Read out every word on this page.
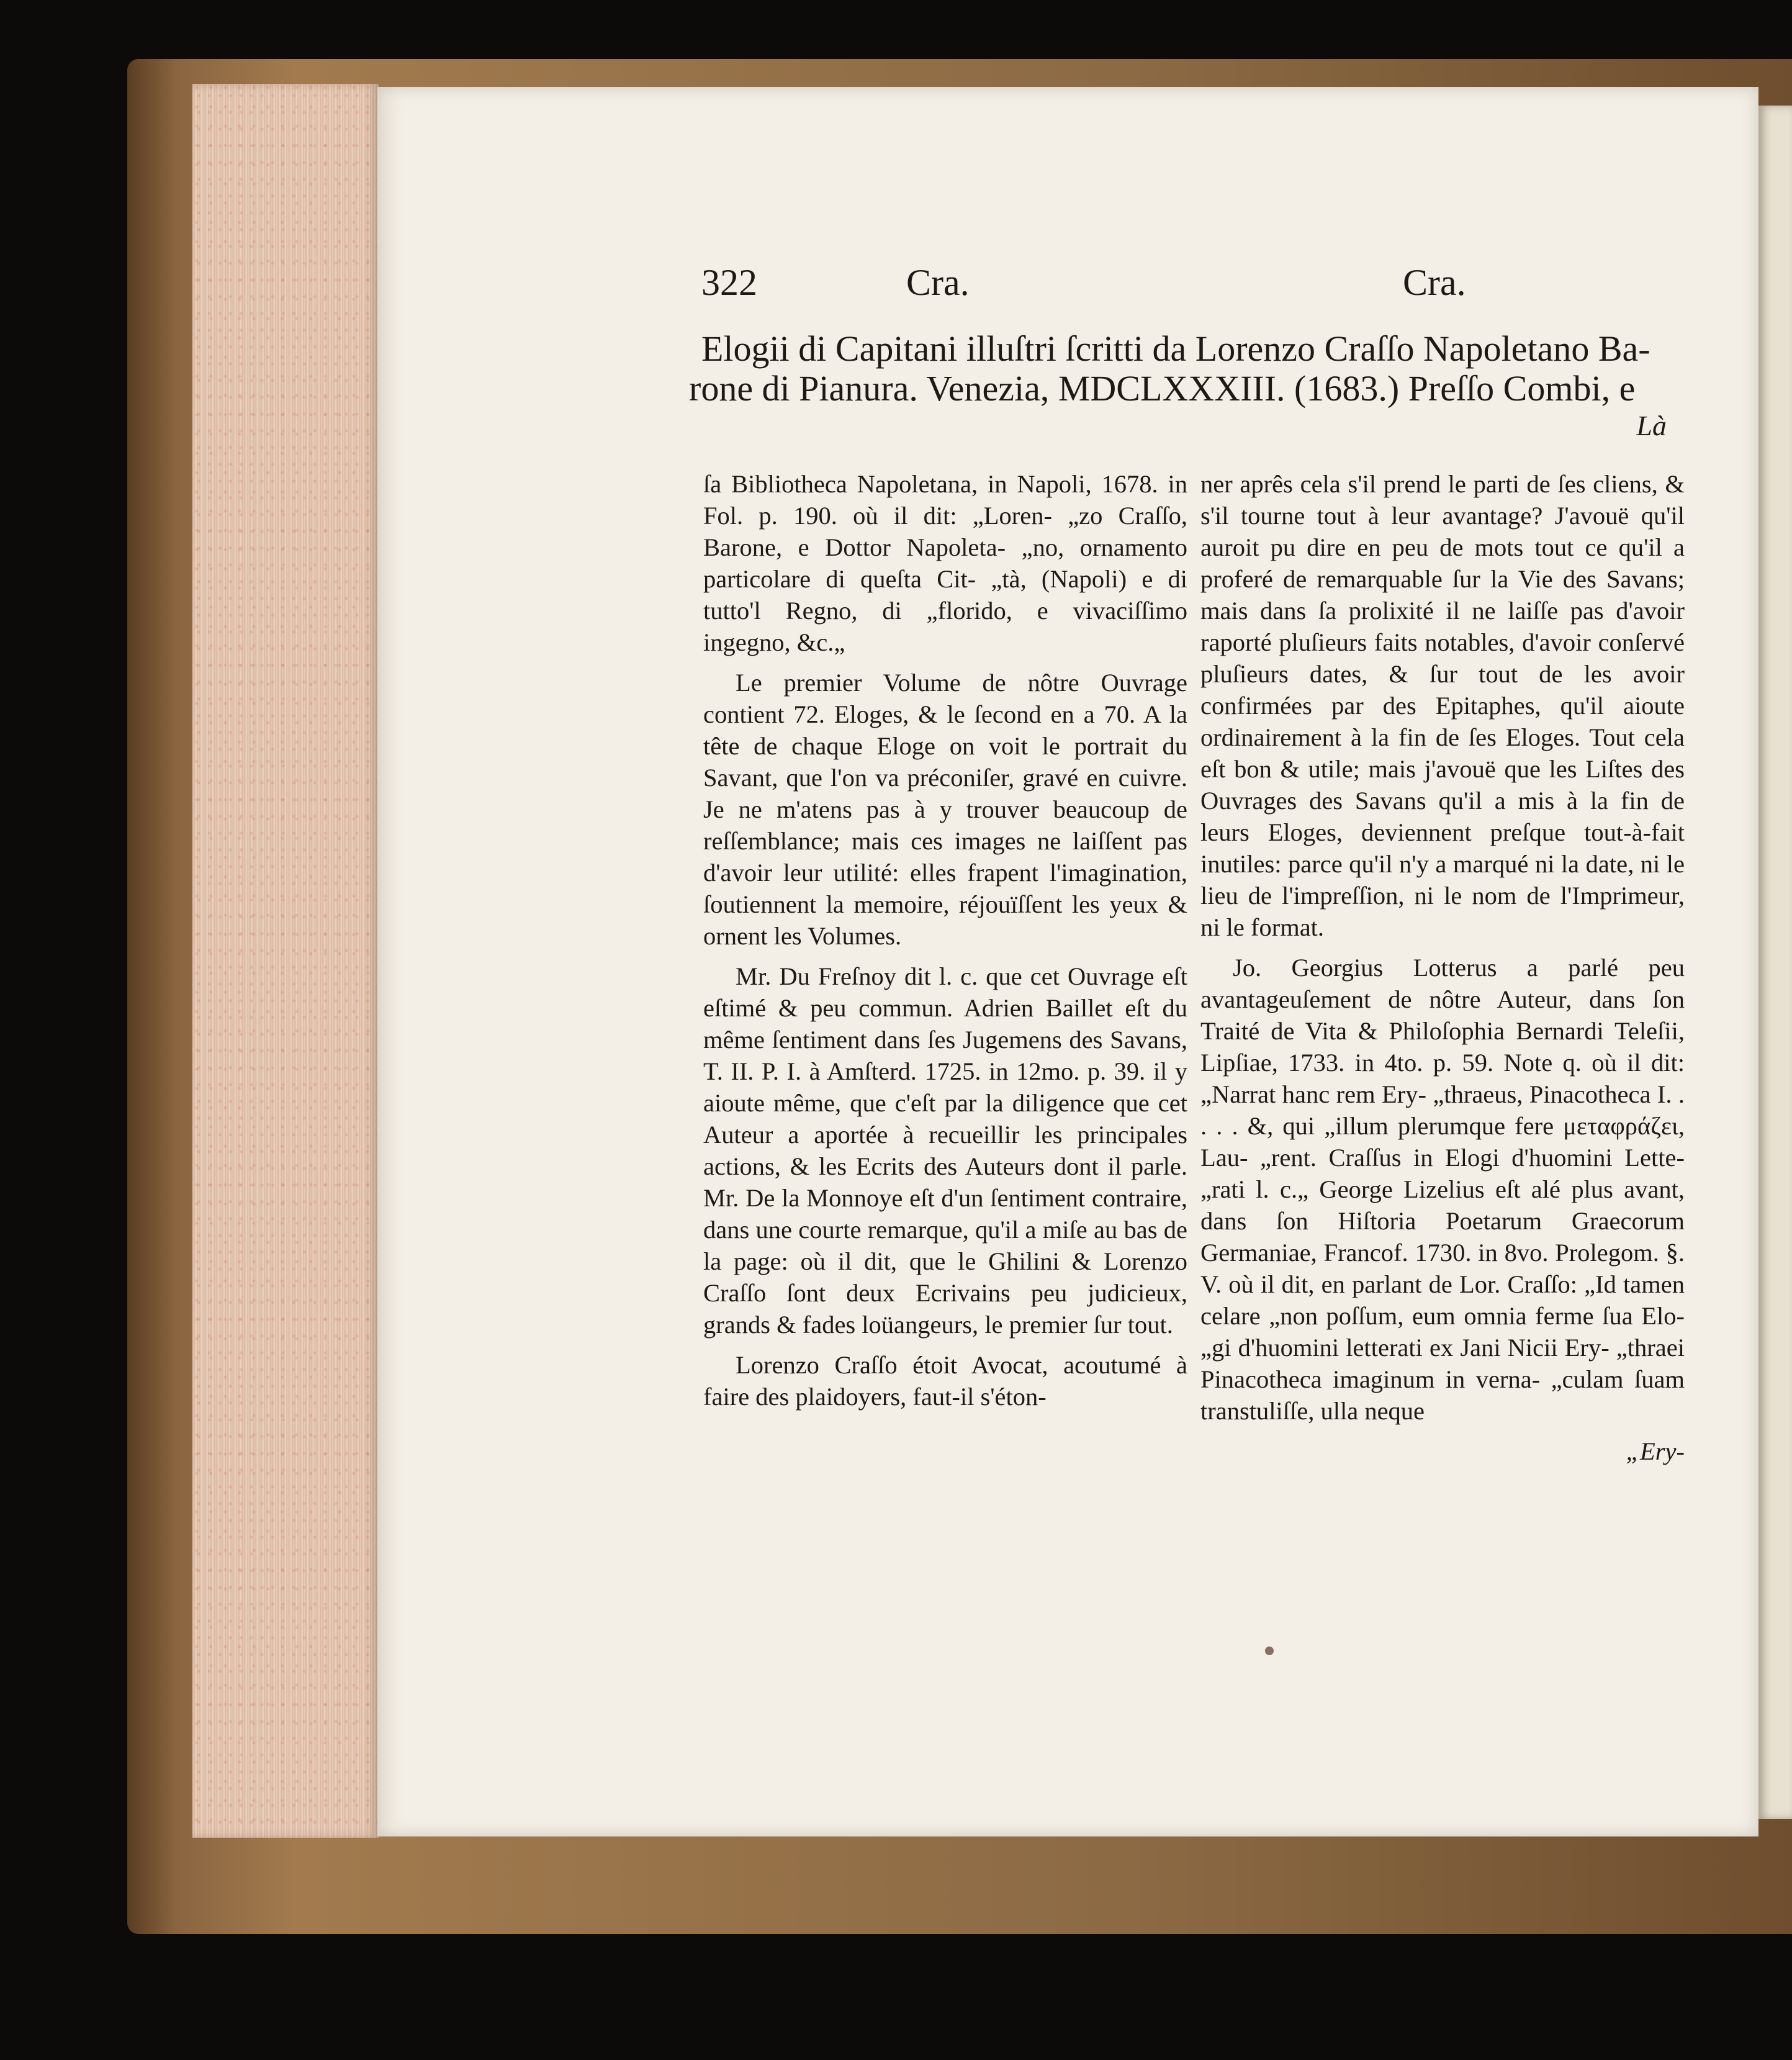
322	Cra.	Cra.
Elogii di Capitani illuſtri ſcritti da Lorenzo Craſſo Napoletano Ba-
rone di Pianura. Venezia, MDCLXXXIII. (1683.) Preſſo Combi, e
Là

ſa Bibliotheca Napoletana, in Napoli, 1678. in Fol. p. 190. où il dit: „Loren- „zo Craſſo, Barone, e Dottor Napoleta- „no, ornamento particolare di queſta Cit- „tà, (Napoli) e di tutto'l Regno, di „florido, e vivaciſſimo ingegno, &c.„

Le premier Volume de nôtre Ouvrage contient 72. Eloges, & le ſecond en a 70. A la tête de chaque Eloge on voit le portrait du Savant, que l'on va préconiſer, gravé en cuivre. Je ne m'atens pas à y trouver beaucoup de reſſemblance; mais ces images ne laiſſent pas d'avoir leur utilité: elles frapent l'imagination, ſoutiennent la memoire, réjouïſſent les yeux & ornent les Volumes.

Mr. Du Freſnoy dit l. c. que cet Ouvrage eſt eſtimé & peu commun. Adrien Baillet eſt du même ſentiment dans ſes Jugemens des Savans, T. II. P. I. à Amſterd. 1725. in 12mo. p. 39. il y aioute même, que c'eſt par la diligence que cet Auteur a aportée à recueillir les principales actions, & les Ecrits des Auteurs dont il parle. Mr. De la Monnoye eſt d'un ſentiment contraire, dans une courte remarque, qu'il a miſe au bas de la page: où il dit, que le Ghilini & Lorenzo Craſſo ſont deux Ecrivains peu judicieux, grands & fades loüangeurs, le premier ſur tout.

Lorenzo Craſſo étoit Avocat, acoutumé à faire des plaidoyers, faut-il s'éton-

ner aprês cela s'il prend le parti de ſes cliens, & s'il tourne tout à leur avantage? J'avouë qu'il auroit pu dire en peu de mots tout ce qu'il a proferé de remarquable ſur la Vie des Savans; mais dans ſa prolixité il ne laiſſe pas d'avoir raporté pluſieurs faits notables, d'avoir conſervé pluſieurs dates, & ſur tout de les avoir confirmées par des Epitaphes, qu'il aioute ordinairement à la fin de ſes Eloges. Tout cela eſt bon & utile; mais j'avouë que les Liſtes des Ouvrages des Savans qu'il a mis à la fin de leurs Eloges, deviennent preſque tout-à-fait inutiles: parce qu'il n'y a marqué ni la date, ni le lieu de l'impreſſion, ni le nom de l'Imprimeur, ni le format.

Jo. Georgius Lotterus a parlé peu avantageuſement de nôtre Auteur, dans ſon Traité de Vita & Philoſophia Bernardi Teleſii, Lipſiae, 1733. in 4to. p. 59. Note q. où il dit: „Narrat hanc rem Ery- „thraeus, Pinacotheca I. . . . . &, qui „illum plerumque fere μεταφράζει, Lau- „rent. Craſſus in Elogi d'huomini Lette- „rati l. c.„ George Lizelius eſt alé plus avant, dans ſon Hiſtoria Poetarum Graecorum Germaniae, Francof. 1730. in 8vo. Prolegom. §. V. où il dit, en parlant de Lor. Craſſo: „Id tamen celare „non poſſum, eum omnia ferme ſua Elo- „gi d'huomini letterati ex Jani Nicii Ery- „thraei Pinacotheca imaginum in verna- „culam ſuam transtuliſſe, ulla neque

„Ery-
